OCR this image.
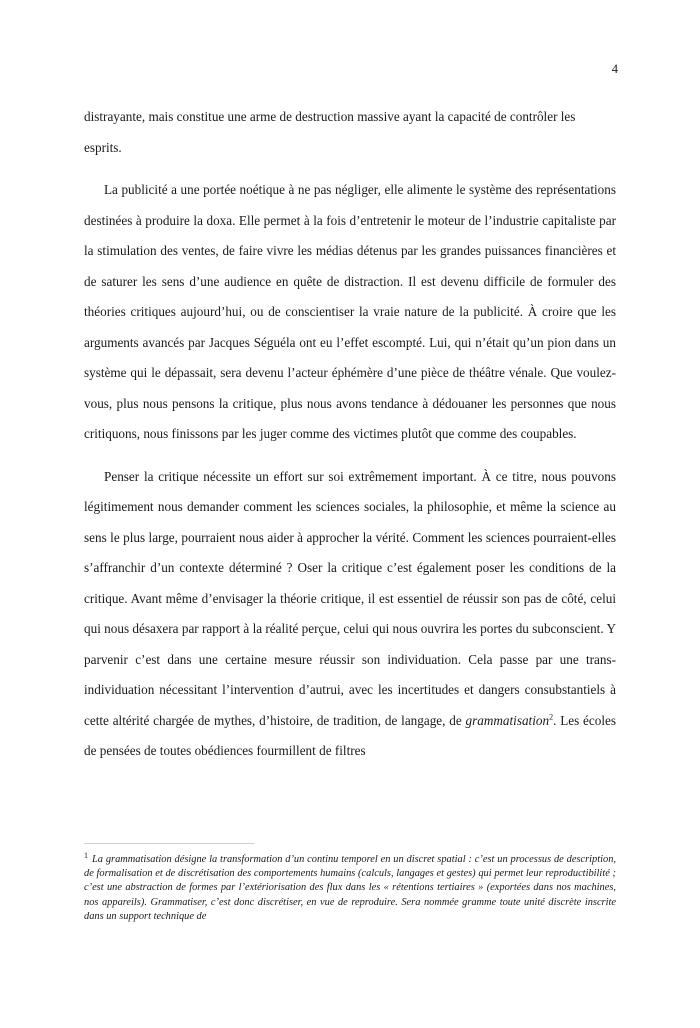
4

distrayante, mais constitue une arme de destruction massive ayant la capacité de contrôler les esprits.

La publicité a une portée noétique à ne pas négliger, elle alimente le système des représentations destinées à produire la doxa. Elle permet à la fois d’entretenir le moteur de l’industrie capitaliste par la stimulation des ventes, de faire vivre les médias détenus par les grandes puissances financières et de saturer les sens d’une audience en quête de distraction. Il est devenu difficile de formuler des théories critiques aujourd’hui, ou de conscientiser la vraie nature de la publicité. À croire que les arguments avancés par Jacques Séguéla ont eu l’effet escompté. Lui, qui n’était qu’un pion dans un système qui le dépassait, sera devenu l’acteur éphémère d’une pièce de théâtre vénale. Que voulez-vous, plus nous pensons la critique, plus nous avons tendance à dédouaner les personnes que nous critiquons, nous finissons par les juger comme des victimes plutôt que comme des coupables.

Penser la critique nécessite un effort sur soi extrêmement important. À ce titre, nous pouvons légitimement nous demander comment les sciences sociales, la philosophie, et même la science au sens le plus large, pourraient nous aider à approcher la vérité. Comment les sciences pourraient-elles s’affranchir d’un contexte déterminé ? Oser la critique c’est également poser les conditions de la critique. Avant même d’envisager la théorie critique, il est essentiel de réussir son pas de côté, celui qui nous désaxera par rapport à la réalité perçue, celui qui nous ouvrira les portes du subconscient. Y parvenir c’est dans une certaine mesure réussir son individuation. Cela passe par une trans-individuation nécessitant l’intervention d’autrui, avec les incertitudes et dangers consubstantiels à cette altérité chargée de mythes, d’histoire, de tradition, de langage, de grammatisation$^2$. Les écoles de pensées de toutes obédiences fourmillent de filtres

$^1$ La grammatisation désigne la transformation d’un continu temporel en un discret spatial : c’est un processus de description, de formalisation et de discrétisation des comportements humains (calculs, langages et gestes) qui permet leur reproductibilité ; c’est une abstraction de formes par l’extériorisation des flux dans les « rétentions tertiaires » (exportées dans nos machines, nos appareils). Grammatiser, c’est donc discrétiser, en vue de reproduire. Sera nommée gramme toute unité discrète inscrite dans un support technique de
